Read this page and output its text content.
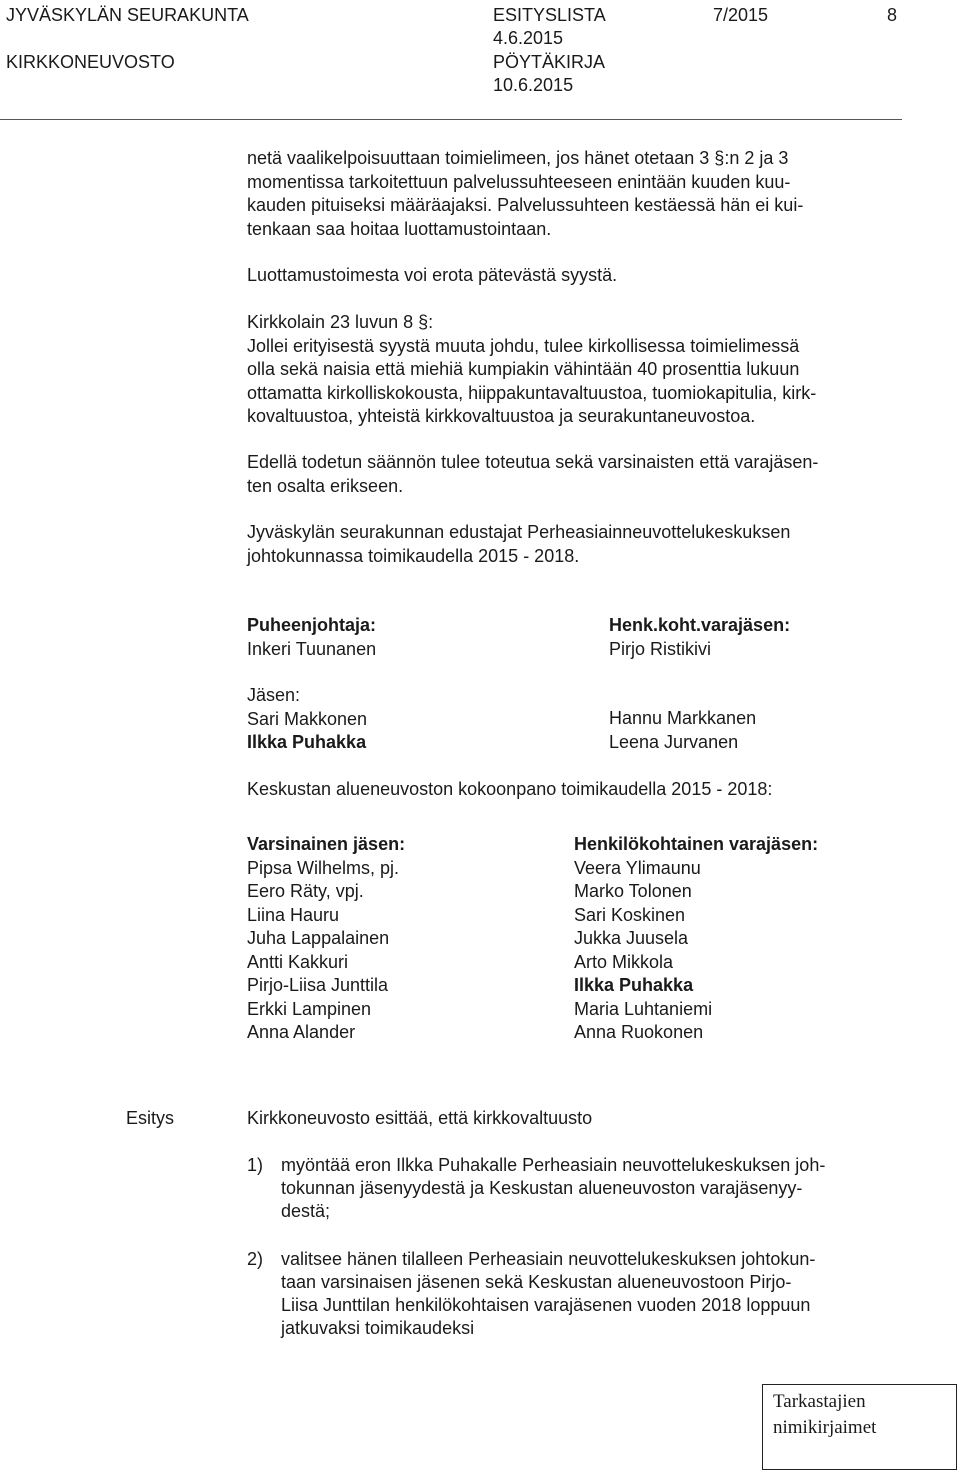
JYVÄSKYLÄN SEURAKUNTA
KIRKKONEUVOSTO
ESITYSLISTA
4.6.2015
PÖYTÄKIRJA
10.6.2015
7/2015	8
netä vaalikelpoisuuttaan toimielimeen, jos hänet otetaan 3 §:n 2 ja 3
momentissa tarkoitettuun palvelussuhteeseen enintään kuuden kuu-
kauden pituiseksi määräajaksi. Palvelussuhteen kestäessä hän ei kui-
tenkaan saa hoitaa luottamustointaan.
Luottamustoimesta voi erota pätevästä syystä.
Kirkkolain 23 luvun 8 §:
Jollei erityisestä syystä muuta johdu, tulee kirkollisessa toimielimessä
olla sekä naisia että miehiä kumpiakin vähintään 40 prosenttia lukuun
ottamatta kirkolliskokousta, hiippakuntavaltuustoa, tuomiokapitulia, kirk-
kovaltuustoa, yhteistä kirkkovaltuustoa ja seurakuntaneuvostoa.
Edellä todetun säännön tulee toteutua sekä varsinaisten että varajäsen-
ten osalta erikseen.
Jyväskylän seurakunnan edustajat Perheasiainneuvottelukeskuksen
johtokunnassa toimikaudella 2015 - 2018.
Puheenjohtaja:
Inkeri Tuunanen
Henk.koht.varajäsen:
Pirjo Ristikivi
Jäsen:
Sari Makkonen
Ilkka Puhakka
Hannu Markkanen
Leena Jurvanen
Keskustan alueneuvoston kokoonpano toimikaudella 2015 - 2018:
Varsinainen jäsen:
Pipsa Wilhelms, pj.
Eero Räty, vpj.
Liina Hauru
Juha Lappalainen
Antti Kakkuri
Pirjo-Liisa Junttila
Erkki Lampinen
Anna Alander
Henkilökohtainen varajäsen:
Veera Ylimaunu
Marko Tolonen
Sari Koskinen
Jukka Juusela
Arto Mikkola
Ilkka Puhakka
Maria Luhtaniemi
Anna Ruokonen
Esitys	Kirkkoneuvosto esittää, että kirkkovaltuusto
1) myöntää eron Ilkka Puhakalle Perheasiain neuvottelukeskuksen joh-
tokunnan jäsenyydestä ja Keskustan alueneuvoston varajäsenyy-
destä;
2) valitsee hänen tilalleen Perheasiain neuvottelukeskuksen johtokun-
taan varsinaisen jäsenen sekä Keskustan alueneuvostoon Pirjo-
Liisa Junttilan henkilökohtaisen varajäsenen vuoden 2018 loppuun
jatkuvaksi toimikaudeksi
Tarkastajien
nimikirjaimet
